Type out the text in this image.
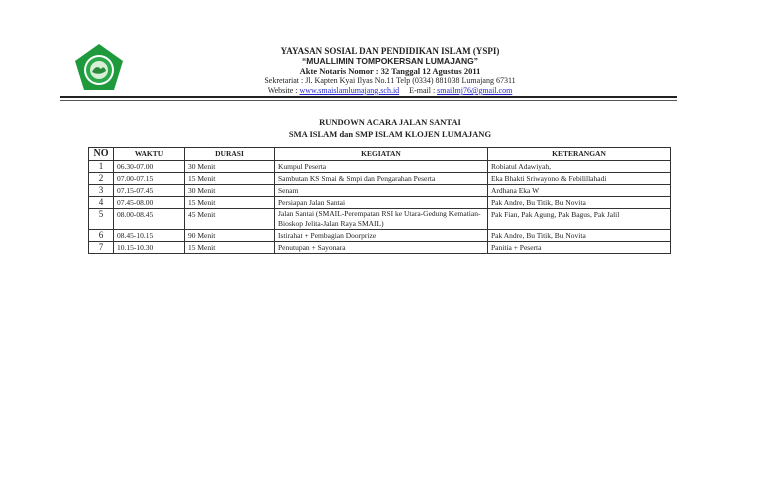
YAYASAN SOSIAL DAN PENDIDIKAN ISLAM (YSPI)
“MUALLIMIN TOMPOKERSAN LUMAJANG”
Akte Notaris Nomor : 32 Tanggal 12 Agustus 2011
Sekretariat : Jl. Kapten Kyai Ilyas No.11 Telp (0334) 881038 Lumajang 67311
Website : www.smaislamlumajang.sch.id E-mail : smailmj76@gmail.com
RUNDOWN ACARA JALAN SANTAI
SMA ISLAM dan SMP ISLAM KLOJEN LUMAJANG
NO	WAKTU	DURASI	KEGIATAN	KETERANGAN
1	06.30-07.00	30 Menit	Kumpul Peserta	Robiatul Adawiyah,
2	07.00-07.15	15 Menit	Sambutan KS Smai & Smpi dan Pengarahan Peserta	Eka Bhakti Sriwayono & Febilillahadi
3	07.15-07.45	30 Menit	Senam	Ardhana Eka W
4	07.45-08.00	15 Menit	Persiapan Jalan Santai	Pak Andre, Bu Titik, Bu Novita
5	08.00-08.45	45 Menit	Jalan Santai (SMAIL-Perempatan RSI ke Utara-Gedung Kematian-Bioskop Jelita-Jalan Raya SMAIL)	Pak Fian, Pak Agung, Pak Bagus, Pak Jalil
6	08.45-10.15	90 Menit	Istirahat + Pembagian Doorprize	Pak Andre, Bu Titik, Bu Novita
7	10.15-10.30	15 Menit	Penutupan + Sayonara	Panitia + Peserta
